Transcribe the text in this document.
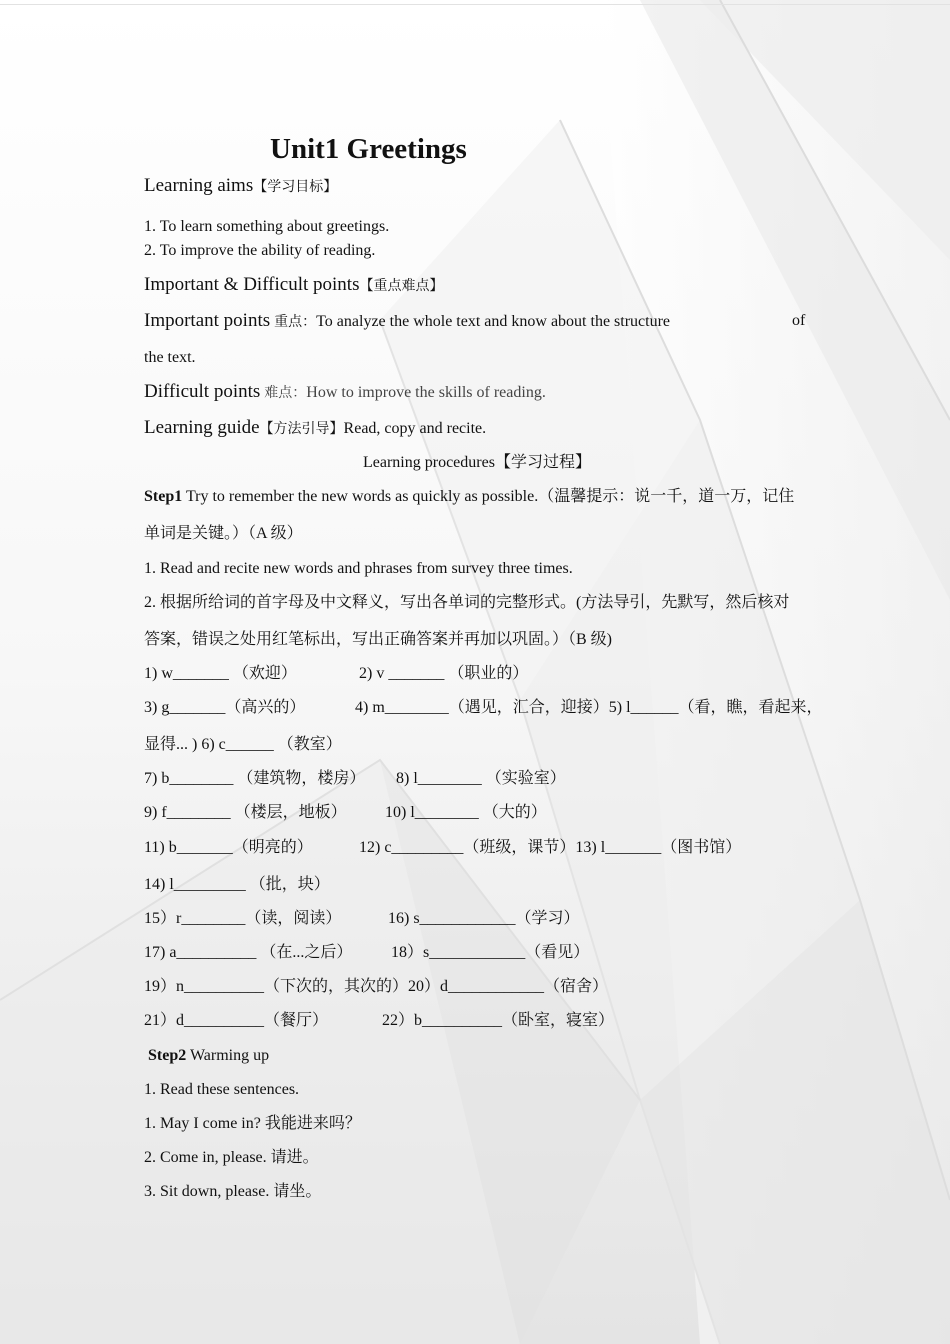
Unit1 Greetings
Learning aims【学习目标】
1. To learn something about greetings.
2. To improve the ability of reading.
Important & Difficult points【重点难点】
Important points 重点：To analyze the whole text and know about the structure	of
the text.
Difficult points 难点：How to improve the skills of reading.
Learning guide【方法引导】Read, copy and recite.
Learning procedures【学习过程】
Step1 Try to remember the new words as quickly as possible.（温馨提示：说一千，道一万，记住
单词是关键。）（A 级）
1. Read and recite new words and phrases from survey three times.
2. 根据所给词的首字母及中文释义，写出各单词的完整形式。(方法导引，先默写，然后核对
答案，错误之处用红笔标出，写出正确答案并再加以巩固。）（B 级)
1) w_______ （欢迎）	2) v _______ （职业的）
3) g_______（高兴的）	4) m________（遇见，汇合，迎接）5) l______（看，瞧，看起来，
显得... ) 6) c______ （教室）
7) b________ （建筑物，楼房） 8) l________ （实验室）
9) f________ （楼层，地板） 10) l________ （大的）
11) b_______（明亮的）	12) c_________（班级，课节）13) l_______（图书馆）
14) l_________ （批，块）
15）r________（读，阅读）	16) s____________（学习）
17) a__________ （在...之后） 18）s____________（看见）
19）n__________（下次的，其次的）20）d____________（宿舍）
21）d__________（餐厅）	22）b__________（卧室，寝室）
Step2 Warming up
1. Read these sentences.
1. May I come in? 我能进来吗？
2. Come in, please. 请进。
3. Sit down, please. 请坐。
